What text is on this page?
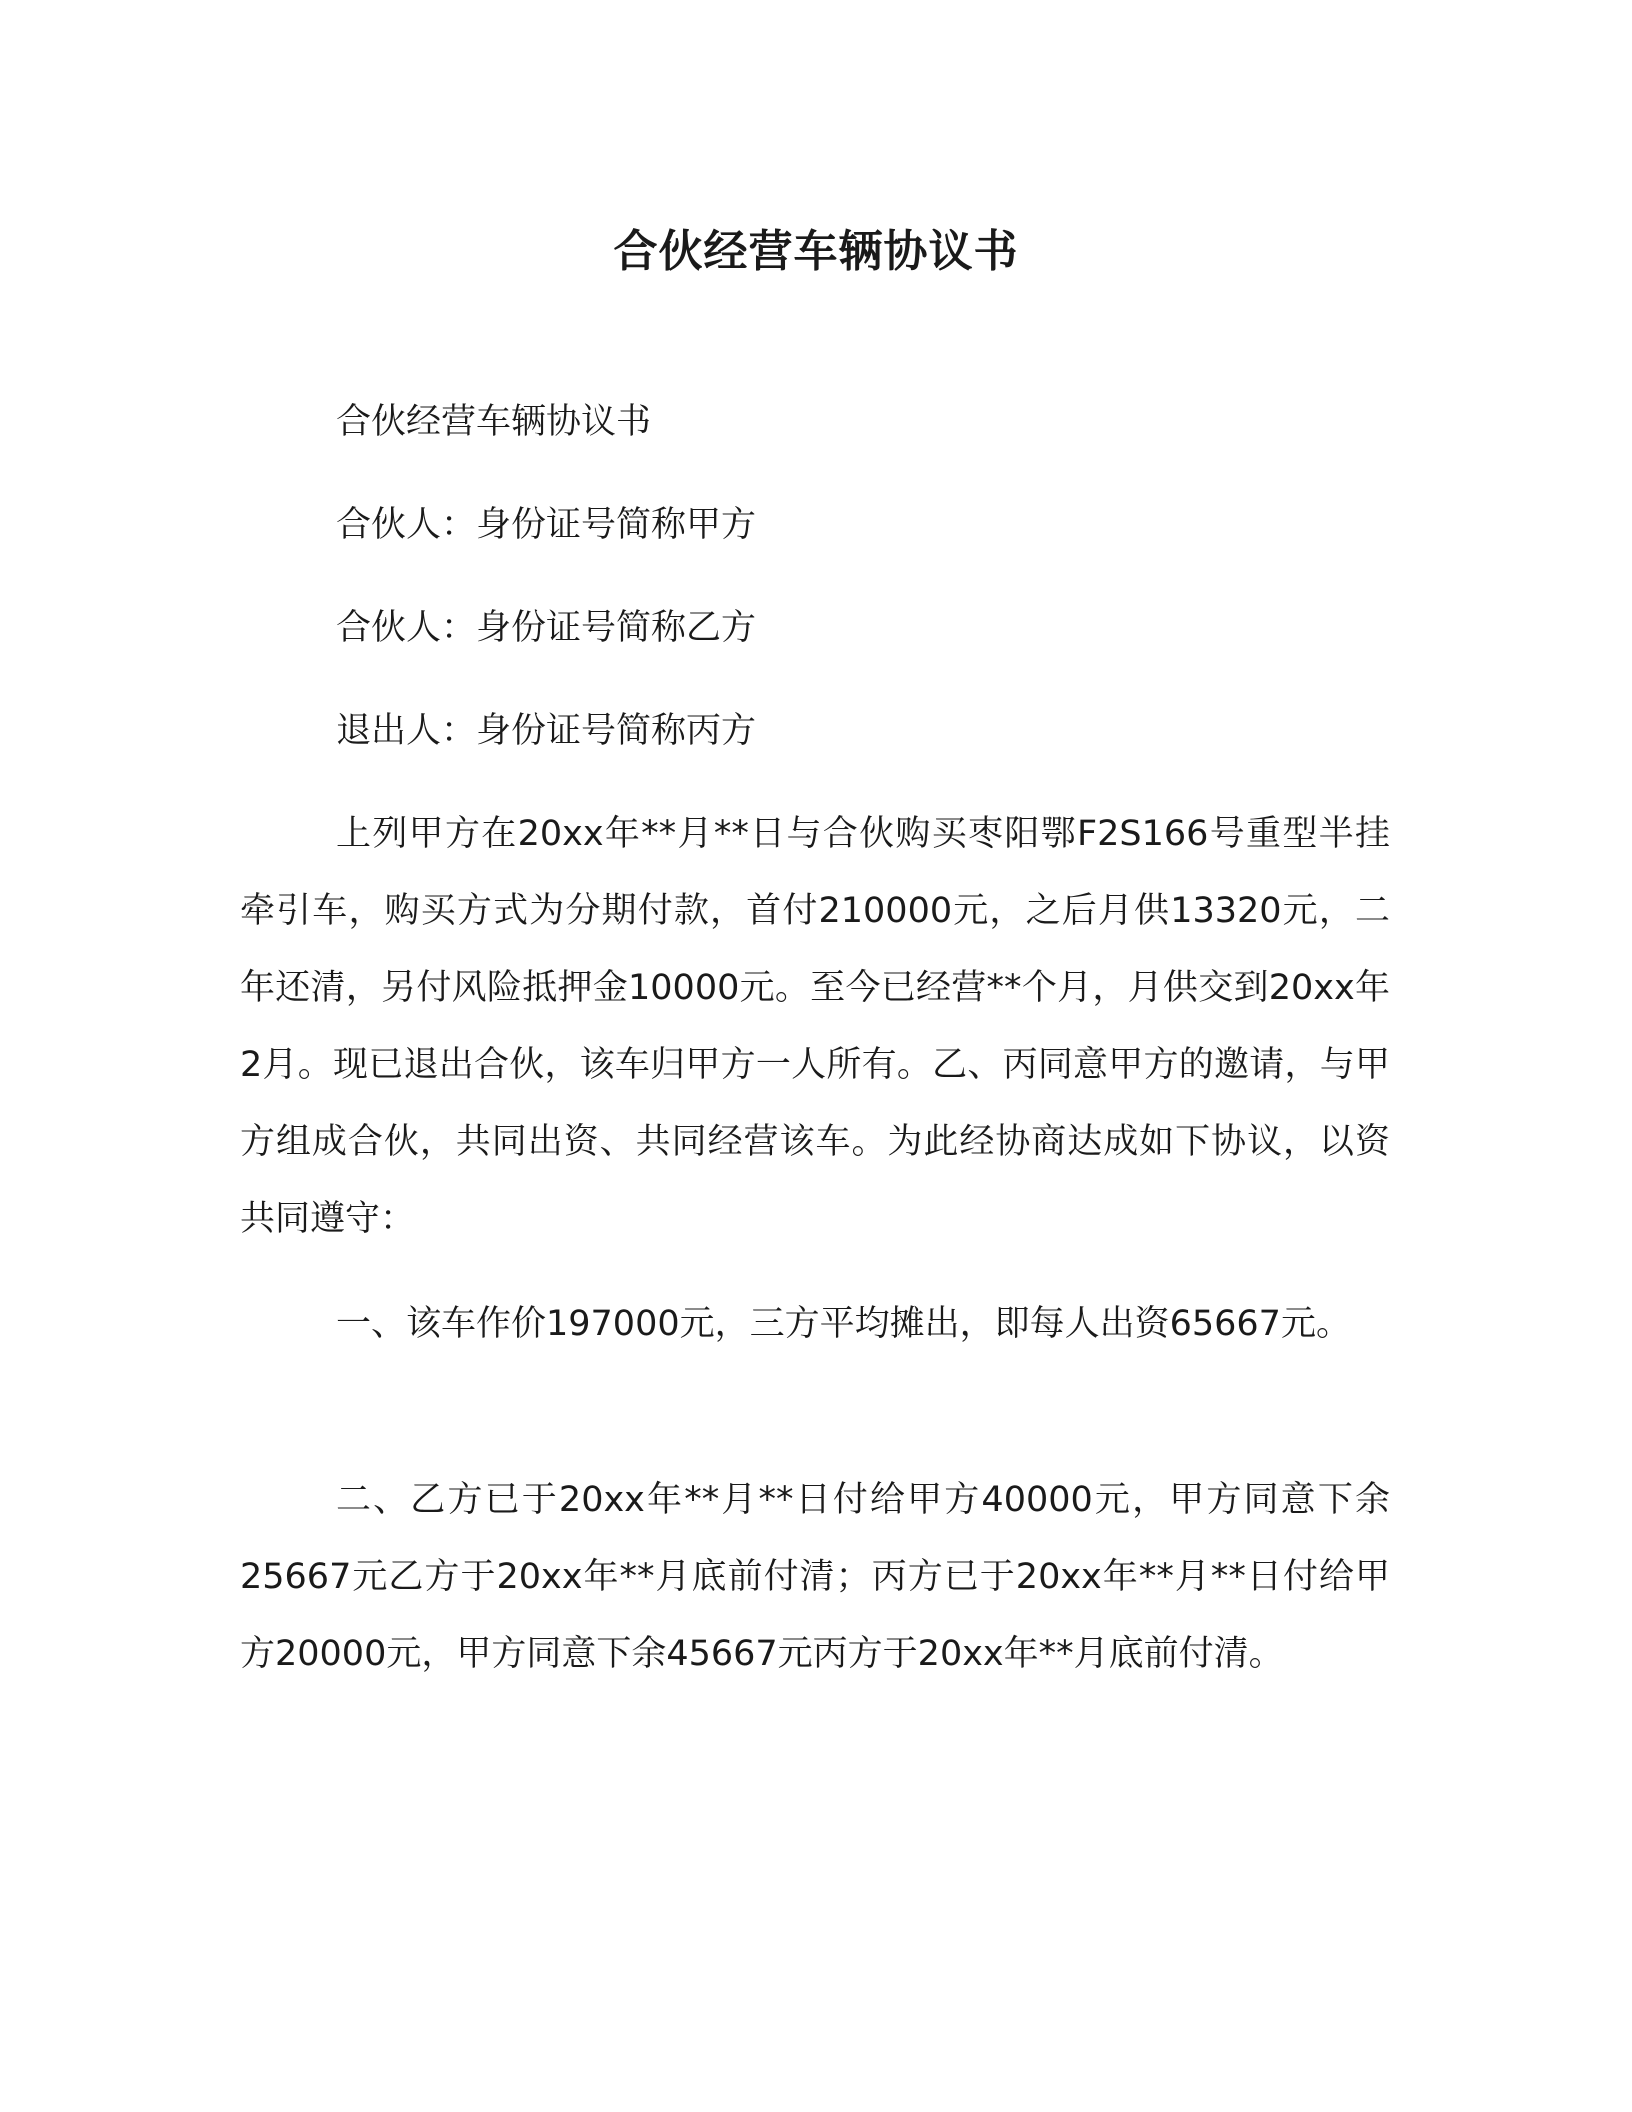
合伙经营车辆协议书
合伙经营车辆协议书
合伙人：身份证号简称甲方
合伙人：身份证号简称乙方
退出人：身份证号简称丙方
上列甲方在20xx年**月**日与合伙购买枣阳鄂F2S166号重型半挂牵引车，购买方式为分期付款，首付210000元，之后月供13320元，二年还清，另付风险抵押金10000元。至今已经营**个月，月供交到20xx年2月。现已退出合伙，该车归甲方一人所有。乙、丙同意甲方的邀请，与甲方组成合伙，共同出资、共同经营该车。为此经协商达成如下协议，以资共同遵守：
一、该车作价197000元，三方平均摊出，即每人出资65667元。
二、乙方已于20xx年**月**日付给甲方40000元，甲方同意下余25667元乙方于20xx年**月底前付清；丙方已于20xx年**月**日付给甲方20000元，甲方同意下余45667元丙方于20xx年**月底前付清。
